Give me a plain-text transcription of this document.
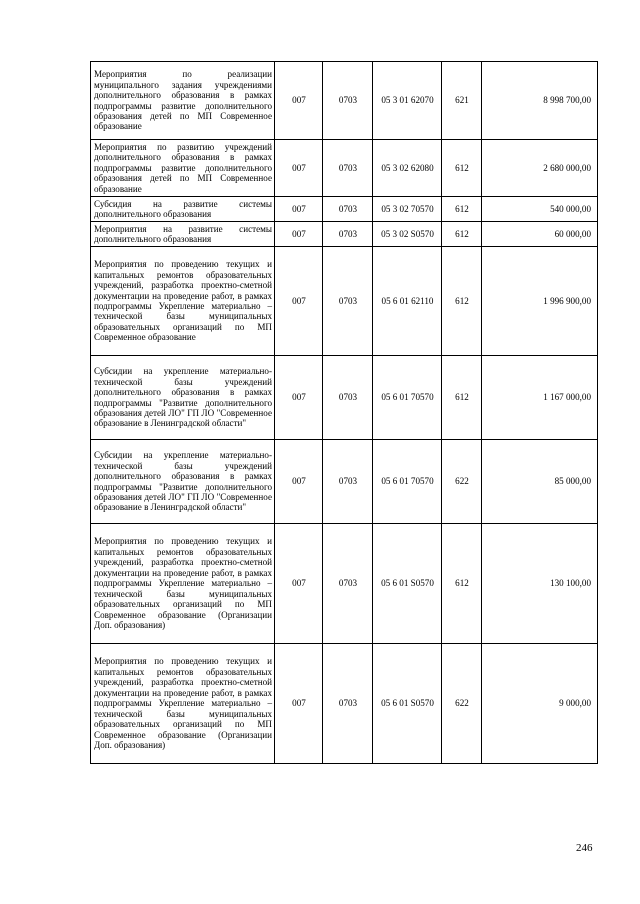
Мероприятия по реализации муниципального задания учреждениями дополнительного образования в рамках подпрограммы развитие дополнительного образования детей по МП Современное образование	007	0703	05 3 01 62070	621	8 998 700,00
Мероприятия по развитию учреждений дополнительного образования в рамках подпрограммы развитие дополнительного образования детей по МП Современное образование	007	0703	05 3 02 62080	612	2 680 000,00
Субсидия на развитие системы дополнительного образования	007	0703	05 3 02 70570	612	540 000,00
Мероприятия на развитие системы дополнительного образования	007	0703	05 3 02 S0570	612	60 000,00
Мероприятия по проведению текущих и капитальных ремонтов образовательных учреждений, разработка проектно-сметной документации на проведение работ, в рамках подпрограммы Укрепление материально – технической базы муниципальных образовательных организаций по МП Современное образование	007	0703	05 6 01 62110	612	1 996 900,00
Субсидии на укрепление материально-технической базы учреждений дополнительного образования в рамках подпрограммы "Развитие дополнительного образования детей ЛО" ГП ЛО "Современное образование в Ленинградской области"	007	0703	05 6 01 70570	612	1 167 000,00
Субсидии на укрепление материально-технической базы учреждений дополнительного образования в рамках подпрограммы "Развитие дополнительного образования детей ЛО" ГП ЛО "Современное образование в Ленинградской области"	007	0703	05 6 01 70570	622	85 000,00
Мероприятия по проведению текущих и капитальных ремонтов образовательных учреждений, разработка проектно-сметной документации на проведение работ, в рамках подпрограммы Укрепление материально – технической базы муниципальных образовательных организаций по МП Современное образование (Организации Доп. образования)	007	0703	05 6 01 S0570	612	130 100,00
Мероприятия по проведению текущих и капитальных ремонтов образовательных учреждений, разработка проектно-сметной документации на проведение работ, в рамках подпрограммы Укрепление материально – технической базы муниципальных образовательных организаций по МП Современное образование (Организации Доп. образования)	007	0703	05 6 01 S0570	622	9 000,00
246
